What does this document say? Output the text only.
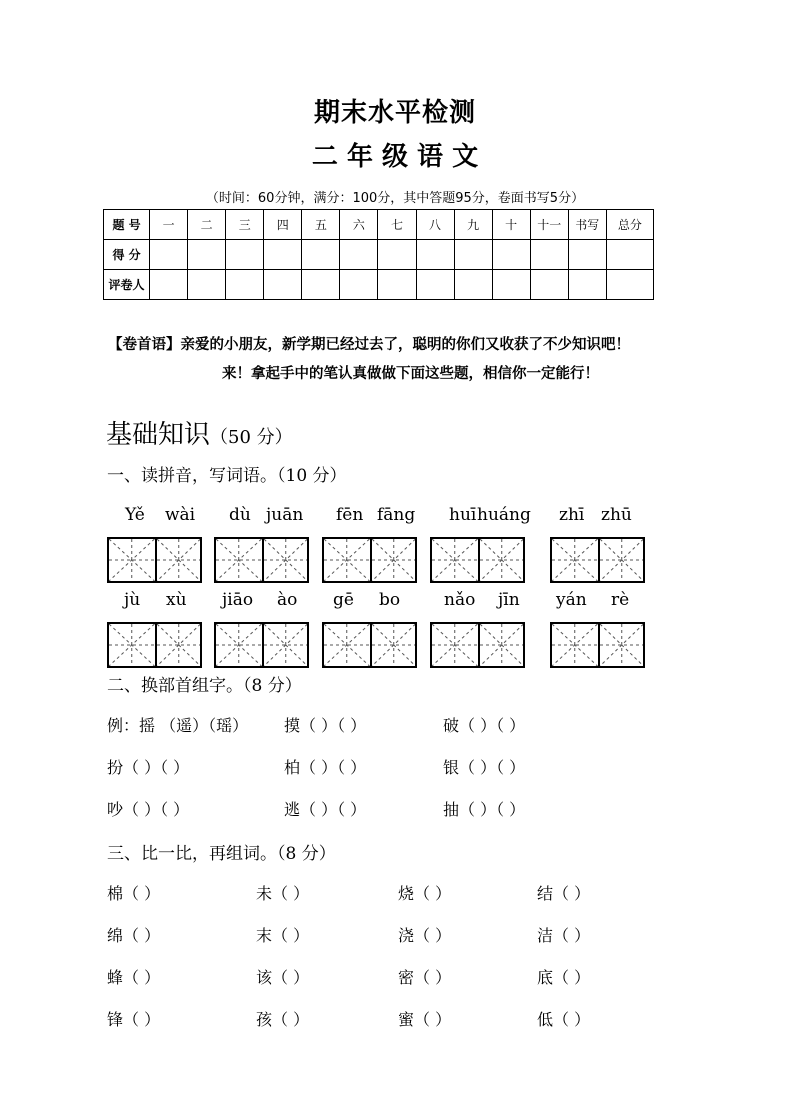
期末水平检测
二 年 级 语 文
（时间：60分钟，满分：100分，其中答题95分，卷面书写5分）
题 号	一	二	三	四	五	六	七	八	九	十	十一	书写	总分
得 分													
评卷人													
【卷首语】亲爱的小朋友，新学期已经过去了，聪明的你们又收获了不少知识吧！
来！拿起手中的笔认真做做下面这些题，相信你一定能行！
基础知识（50 分）
一、读拼音，写词语。（10 分）
Yě wài dù juān fēn fāng huī huáng zhī zhū
jù xù jiāo ào gē bo	nǎo jīn yán rè
二、换部首组字。（8 分）
例：摇 （遥）（瑶） 摸（ ）（ ）	破（ ）（ ）
扮（ ）（ ）	柏（ ）（ ）	银（ ）（ ）
吵（ ）（ ）	逃（ ）（ ）	抽（ ）（ ）
三、比一比，再组词。（8 分）
棉（ ）	未（ ）	烧（ ）	结（ ）
绵（ ）	末（ ）	浇（ ）	洁（ ）
蜂（ ）	该（ ）	密（ ）	底（ ）
锋（ ）	孩（ ）	蜜（ ）	低（ ）
